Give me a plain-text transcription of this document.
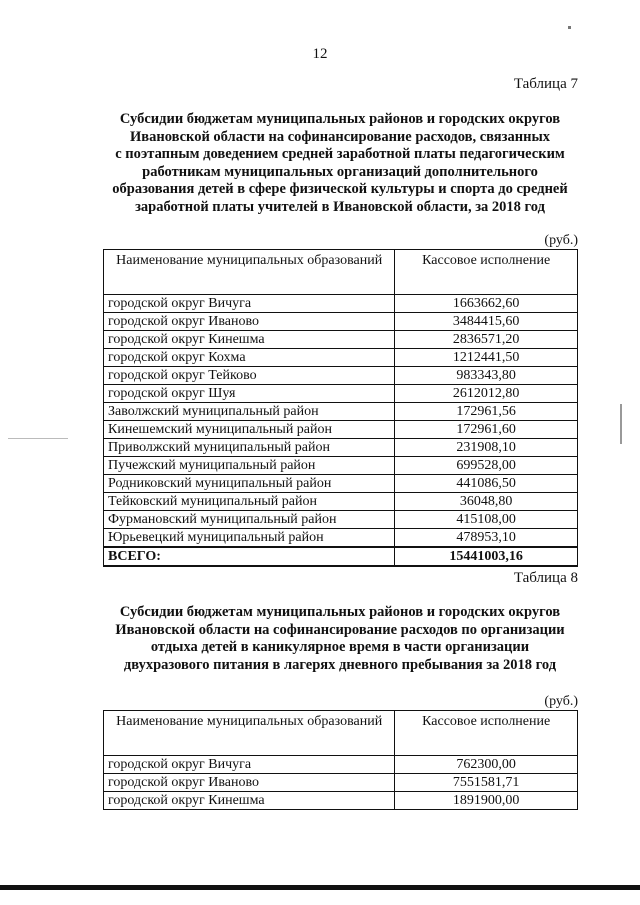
12
Таблица 7
Субсидии бюджетам муниципальных районов и городских округов
Ивановской области на софинансирование расходов, связанных
с поэтапным доведением средней заработной платы педагогическим
работникам муниципальных организаций дополнительного
образования детей в сфере физической культуры и спорта до средней
заработной платы учителей в Ивановской области, за 2018 год
(руб.)
Наименование муниципальных образований	Кассовое исполнение
городской округ Вичуга	1663662,60
городской округ Иваново	3484415,60
городской округ Кинешма	2836571,20
городской округ Кохма	1212441,50
городской округ Тейково	983343,80
городской округ Шуя	2612012,80
Заволжский муниципальный район	172961,56
Кинешемский муниципальный район	172961,60
Приволжский муниципальный район	231908,10
Пучежский муниципальный район	699528,00
Родниковский муниципальный район	441086,50
Тейковский муниципальный район	36048,80
Фурмановский муниципальный район	415108,00
Юрьевецкий муниципальный район	478953,10
ВСЕГО:	15441003,16
Таблица 8
Субсидии бюджетам муниципальных районов и городских округов
Ивановской области на софинансирование расходов по организации
отдыха детей в каникулярное время в части организации
двухразового питания в лагерях дневного пребывания за 2018 год
(руб.)
Наименование муниципальных образований	Кассовое исполнение
городской округ Вичуга	762300,00
городской округ Иваново	7551581,71
городской округ Кинешма	1891900,00
